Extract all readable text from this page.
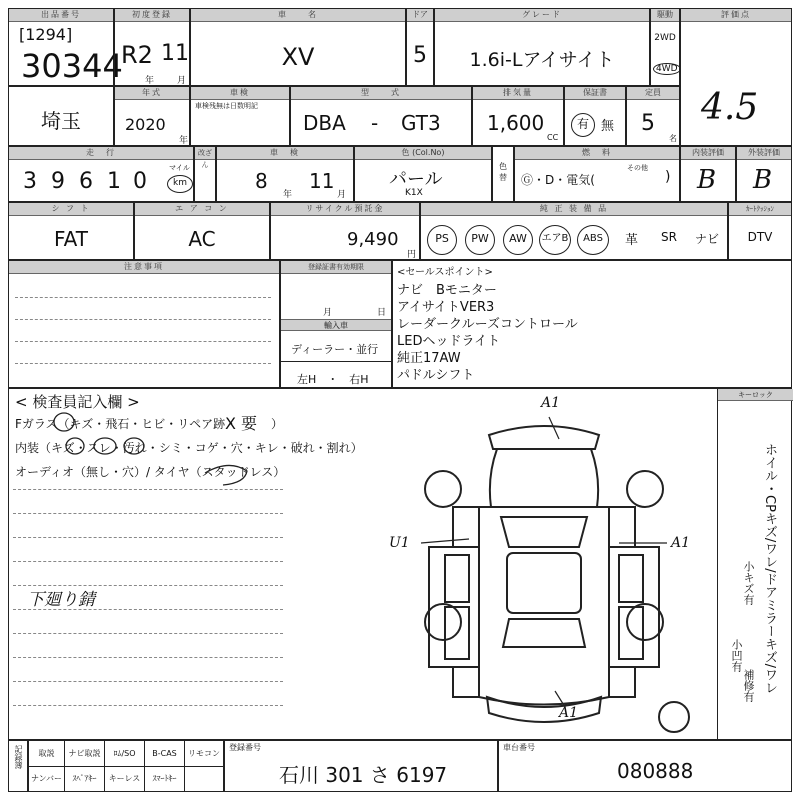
出品番号
[1294]
30344
初度登録
R2 11
年	月
車　　名
XV
ドア
5
グレード
1.6i-Lアイサイト
駆動
2WD
4WD
評価点
4.5
埼玉
年式
2020
年
車検
車検残無は日数明記
型　　式
DBA - GT3
排気量
1,600
CC
保証書
有 無
定員
5
名
走　行
3 9 6 1 0
マイル
km
改ざん
車　検
8 11
年	月
色 (Col.No)
パール
K1X
色替
燃　料
Ⓖ・D・電気(
その他
)
内装評価
B
外装評価
B
シ フ ト
FAT
エ ア コ ン
AC
リサイクル預託金
9,490
円
純 正 装 備 品
PS	PW	AW	エアB	ABS	革 SR ナビ
ｶｰﾄｸｯｼｮﾝ
DTV
注意事項	登録証書有効期限
月	日
輸入車
ディーラー・並行
左H　・　右H
<セールスポイント>
ナビ　Bモニター
アイサイトVER3
レーダークルーズコントロール
LEDヘッドライト
純正17AW
パドルシフト
< 検査員記入欄 >
Fガラス（キズ・飛石・ヒビ・リペア跡・
X 要 ）
内装（キズ・スレ・汚れ・シミ・コゲ・穴・キレ・破れ・割れ）
オーディオ（無し・穴）/ タイヤ（スタッドレス）
下廻り錆
A1
A1
U1	A1
キーロック
ホイル・CPキズ/ワレ/ドアミラーキズ/ワレ
小キズ有
小凹有
補修有
記録簿	取説	ナビ取説	ﾛﾑ/SO	B-CAS	リモコン
ナンバー	ｽﾍﾟｱｷｰ	キーレス	ｽﾏｰﾄｷｰ
登録番号
石川 301 さ 6197
車台番号
080888
